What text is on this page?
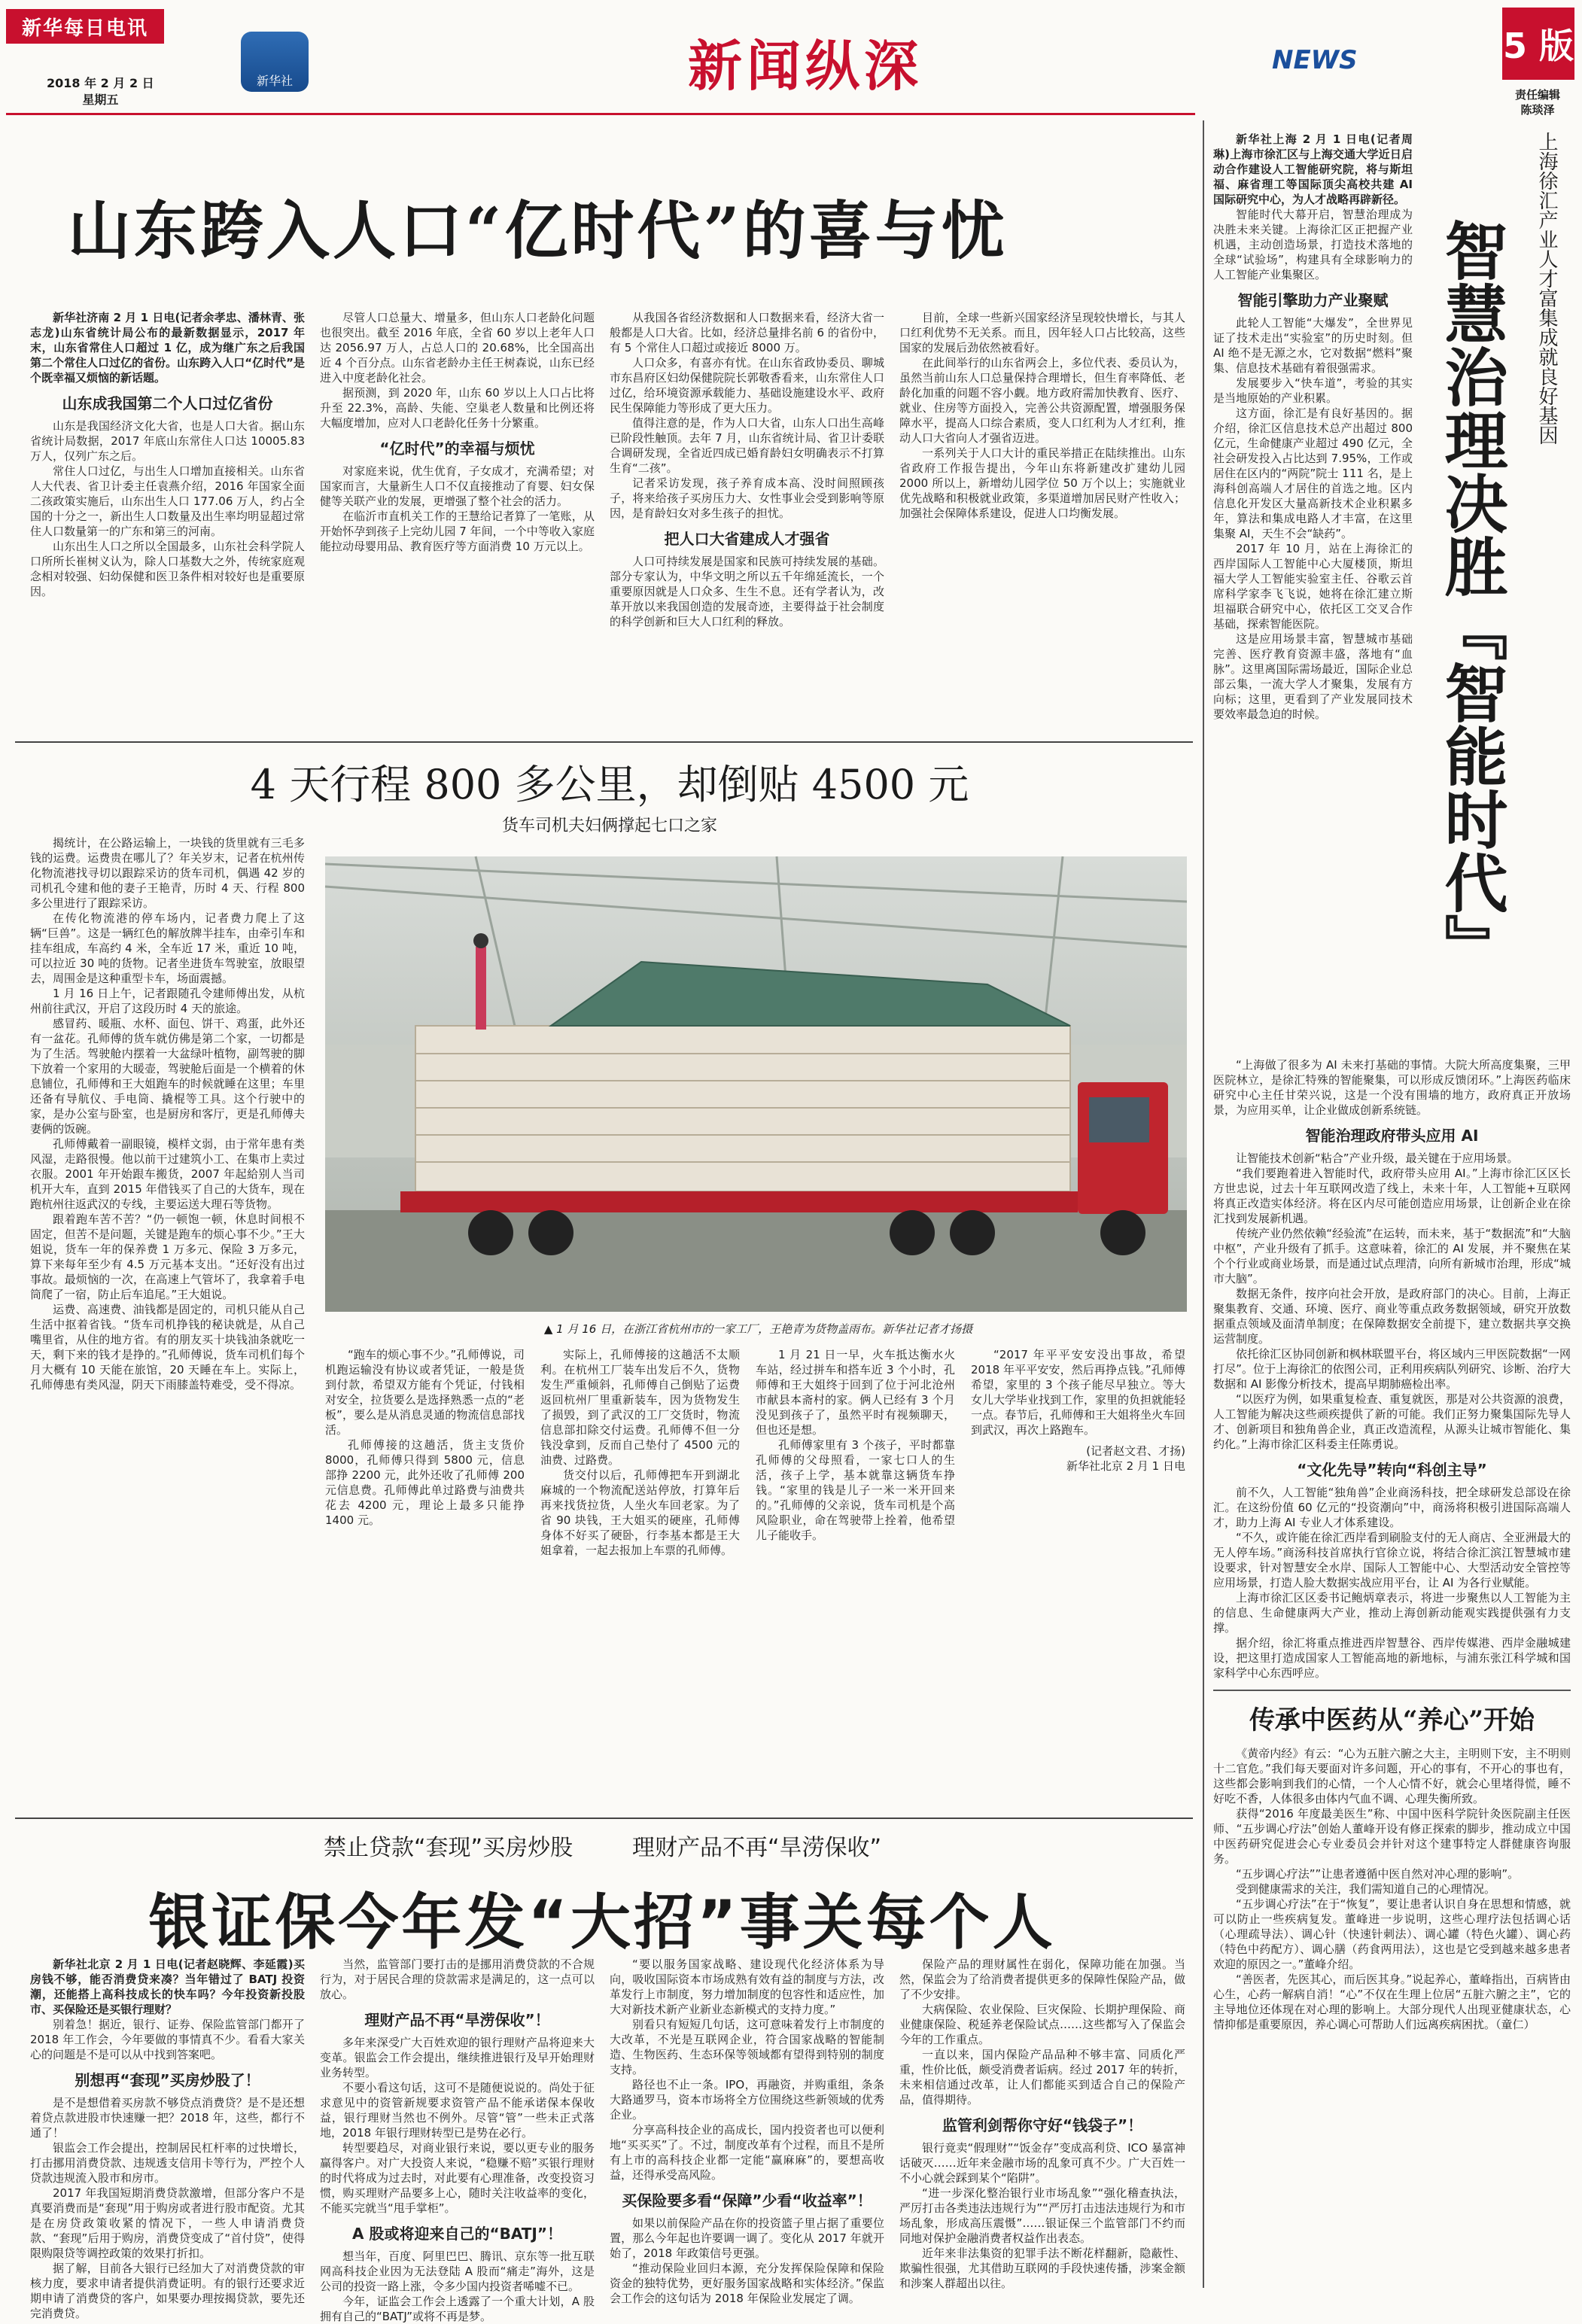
新华每日电讯
2018 年 2 月 2 日
星期五
新华社	新闻纵深	NEWS	5 版
责任编辑
陈琰泽
山东跨入人口“亿时代”的喜与忧

新华社济南 2 月 1 日电(记者余孝忠、潘林青、张志龙)山东省统计局公布的最新数据显示，2017 年末，山东省常住人口超过 1 亿，成为继广东之后我国第二个常住人口过亿的省份。山东跨入人口“亿时代”是个既幸福又烦恼的新话题。

山东成我国第二个人口过亿省份

山东是我国经济文化大省，也是人口大省。据山东省统计局数据，2017 年底山东常住人口达 10005.83 万人，仅列广东之后。

常住人口过亿，与出生人口增加直接相关。山东省人大代表、省卫计委主任袁燕介绍，2016 年国家全面二孩政策实施后，山东出生人口 177.06 万人，约占全国的十分之一，新出生人口数量及出生率均明显超过常住人口数量第一的广东和第三的河南。

山东出生人口之所以全国最多，山东社会科学院人口所所长崔树义认为，除人口基数大之外，传统家庭观念相对较强、妇幼保健和医卫条件相对较好也是重要原因。

尽管人口总量大、增量多，但山东人口老龄化问题也很突出。截至 2016 年底，全省 60 岁以上老年人口达 2056.97 万人，占总人口的 20.68%，比全国高出近 4 个百分点。山东省老龄办主任王树森说，山东已经进入中度老龄化社会。

据预测，到 2020 年，山东 60 岁以上人口占比将升至 22.3%，高龄、失能、空巢老人数量和比例还将大幅度增加，应对人口老龄化任务十分繁重。

“亿时代”的幸福与烦忧

对家庭来说，优生优育，子女成才，充满希望；对国家而言，大量新生人口不仅直接推动了育婴、妇女保健等关联产业的发展，更增强了整个社会的活力。

在临沂市直机关工作的王慧给记者算了一笔账，从开始怀孕到孩子上完幼儿园 7 年间，一个中等收入家庭能拉动母婴用品、教育医疗等方面消费 10 万元以上。

从我国各省经济数据和人口数据来看，经济大省一般都是人口大省。比如，经济总量排名前 6 的省份中，有 5 个常住人口超过或接近 8000 万。

人口众多，有喜亦有忧。在山东省政协委员、聊城市东昌府区妇幼保健院院长郭敬香看来，山东常住人口过亿，给环境资源承载能力、基础设施建设水平、政府民生保障能力等形成了更大压力。

值得注意的是，作为人口大省，山东人口出生高峰已阶段性触顶。去年 7 月，山东省统计局、省卫计委联合调研发现，全省近四成已婚育龄妇女明确表示不打算生育“二孩”。

记者采访发现，孩子养育成本高、没时间照顾孩子，将来给孩子买房压力大、女性事业会受到影响等原因，是育龄妇女对多生孩子的担忧。

把人口大省建成人才强省

人口可持续发展是国家和民族可持续发展的基础。部分专家认为，中华文明之所以五千年绵延流长，一个重要原因就是人口众多、生生不息。还有学者认为，改革开放以来我国创造的发展奇迹，主要得益于社会制度的科学创新和巨大人口红利的释放。

目前，全球一些新兴国家经济呈现较快增长，与其人口红利优势不无关系。而且，因年轻人口占比较高，这些国家的发展后劲依然被看好。

在此间举行的山东省两会上，多位代表、委员认为，虽然当前山东人口总量保持合理增长，但生育率降低、老龄化加重的问题不容小觑。地方政府需加快教育、医疗、就业、住房等方面投入，完善公共资源配置，增强服务保障水平，提高人口综合素质，变人口红利为人才红利，推动人口大省向人才强省迈进。

一系列关于人口大计的重民举措正在陆续推出。山东省政府工作报告提出，今年山东将新建改扩建幼儿园 2000 所以上，新增幼儿园学位 50 万个以上；实施就业优先战略和积极就业政策，多渠道增加居民财产性收入；加强社会保障体系建设，促进人口均衡发展。

4 天行程 800 多公里，却倒贴 4500 元
货车司机夫妇俩撑起七口之家

揭统计，在公路运输上，一块钱的货里就有三毛多钱的运费。运费贵在哪儿了？年关岁末，记者在杭州传化物流港找寻切以跟踪采访的货车司机，偶遇 42 岁的司机孔令建和他的妻子王艳青，历时 4 天、行程 800 多公里进行了跟踪采访。

在传化物流港的停车场内，记者费力爬上了这辆“巨兽”。这是一辆红色的解放牌半挂车，由牵引车和挂车组成，车高约 4 米，全车近 17 米，重近 10 吨，可以拉近 30 吨的货物。记者坐进货车驾驶室，放眼望去，周围金是这种重型卡车，场面震撼。

1 月 16 日上午，记者跟随孔令建师傅出发，从杭州前往武汉，开启了这段历时 4 天的旅途。

感冒药、暖瓶、水杯、面包、饼干、鸡蛋，此外还有一盆花。孔师傅的货车就仿佛是第二个家，一切都是为了生活。驾驶舱内摆着一大盆绿叶植物，副驾驶的脚下放着一个家用的大暖壶，驾驶舱后面是一个横着的休息铺位，孔师傅和王大姐跑车的时候就睡在这里；车里还备有导航仪、手电筒、撬棍等工具。这个行驶中的家，是办公室与卧室，也是厨房和客厅，更是孔师傅夫妻俩的饭碗。

孔师傅戴着一副眼镜，模样文弱，由于常年患有类风湿，走路很慢。他以前干过建筑小工、在集市上卖过衣服。2001 年开始跟车搬货，2007 年起給别人当司机开大车，直到 2015 年借钱买了自己的大货车，现在跑杭州往返武汉的专线，主要运送大理石等货物。

跟着跑车苦不苦？“仍一顿饱一顿，休息时间根不固定，但苦不是问题，关键是跑车的烦心事不少。”王大姐说，货车一年的保养费 1 万多元、保险 3 万多元，算下来每年至少有 4.5 万元基本支出。“还好没有出过事故。最烦恼的一次，在高速上气管坏了，我拿着手电筒爬了一宿，防止后车追尾。”王大姐说。

运费、高速费、油钱都是固定的，司机只能从自己生活中抠着省钱。“货车司机挣钱的秘诀就是，从自己嘴里省，从住的地方省。有的朋友买十块钱油条就吃一天，剩下来的钱才是挣的。”孔师傅说，货车司机们每个月大概有 10 天能在旅馆，20 天睡在车上。实际上，孔师傅患有类风湿，阴天下雨膝盖特难受，受不得凉。

▲ 1 月 16 日，在浙江省杭州市的一家工厂，王艳青为货物盖雨布。新华社记者才扬摄

“跑车的烦心事不少。”孔师傅说，司机跑运输没有协议或者凭证，一般是货到付款，希望双方能有个凭证，付钱相对安全，拉货要么是选择熟悉一点的“老板”，要么是从消息灵通的物流信息部找活。

孔师傅接的这趟活，货主支货价 8000，孔师傅只得到 5800 元，信息部挣 2200 元，此外还收了孔师傅 200 元信息费。孔师傅此单过路费与油费共花去 4200 元，理论上最多只能挣 1400 元。

实际上，孔师傅接的这趟活不太顺利。在杭州工厂装车出发后不久，货物发生严重倾斜，孔师傅自己倒贴了运费返回杭州厂里重新装车，因为货物发生了损毁，到了武汉的工厂交货时，物流信息部扣除交付运费。孔师傅不但一分钱没拿到，反而自己垫付了 4500 元的油费、过路费。

货交付以后，孔师傅把车开到湖北麻城的一个物流配送站停放，打算年后再来找货拉货，人坐火车回老家。为了省 90 块钱，王大姐买的硬座，孔师傅身体不好买了硬卧，行李基本都是王大姐拿着，一起去报加上车票的孔师傅。

1 月 21 日一早，火车抵达衡水火车站，经过拼车和搭车近 3 个小时，孔师傅和王大姐终于回到了位于河北沧州市献县本斋村的家。俩人已经有 3 个月没见到孩子了，虽然平时有视频聊天，但也还是想。

孔师傅家里有 3 个孩子，平时都靠孔师傅的父母照看，一家七口人的生活，孩子上学，基本就靠这辆货车挣钱。“家里的钱是儿子一米一米开回来的。”孔师傅的父亲说，货车司机是个高风险职业，命在驾驶带上拴着，他希望儿子能收手。

“2017 年平平安安没出事故，希望 2018 年平平安安，然后再挣点钱。”孔师傅希望，家里的 3 个孩子能尽早独立。等大女儿大学毕业找到工作，家里的负担就能轻一点。春节后，孔师傅和王大姐将坐火车回到武汉，再次上路跑车。

(记者赵文君、才扬)
新华社北京 2 月 1 日电
禁止贷款“套现”买房炒股	理财产品不再“旱涝保收”
银证保今年发“大招”事关每个人

新华社北京 2 月 1 日电(记者赵晓辉、李延霞)买房钱不够，能否消费贷来凑？当年错过了 BATJ 投资潮，还能搭上高科技成长的快车吗？今年投资新投股市、买保险还是买银行理财？

别着急！据近，银行、证券、保险监管部门都开了 2018 年工作会，今年要做的事情真不少。看看大家关心的问题是不是可以从中找到答案吧。

别想再“套现”买房炒股了！

是不是想借着买房款不够贷点消费贷？是不是还想着贷点款进股市快速赚一把？2018 年，这些，都行不通了！

银监会工作会提出，控制居民杠杆率的过快增长，打击挪用消费贷款、违规透支信用卡等行为，严控个人贷款违规流入股市和房市。

2017 年我国短期消费贷款激增，但部分客户不是真要消费而是“套现”用于购房或者进行股市配资。尤其是在房贷政策收紧的情况下，一些人申请消费贷款、“套现”后用于购房，消费贷变成了“首付贷”，使得限购限贷等调控政策的效果打折扣。

据了解，目前各大银行已经加大了对消费贷款的审核力度，要求申请者提供消费证明。有的银行还要求近期申请了消费贷的客户，如果要办理按揭贷款，要先还完消费贷。

当然，监管部门要打击的是挪用消费贷款的不合规行为，对于居民合理的贷款需求是满足的，这一点可以放心。

理财产品不再“旱涝保收”！

多年来深受广大百姓欢迎的银行理财产品将迎来大变革。银监会工作会提出，继续推进银行及早开始理财业务转型。

不要小看这句话，这可不是随便说说的。尚处于征求意见中的资管新规要求资管产品不能承诺保本保收益，银行理财当然也不例外。尽管“管”一些未正式落地，2018 年银行理财转型已是势在必行。

转型要趋尽，对商业银行来说，要以更专业的服务赢得客户。对广大投资人来说，“稳赚不赔”买银行理财的时代将成为过去时，对此要有心理准备，改变投资习惯，购买理财产品要多上心，随时关注收益率的变化，不能买完就当“甩手掌柜”。

A 股或将迎来自己的“BATJ”！

想当年，百度、阿里巴巴、腾讯、京东等一批互联网高科技企业因为无法登陆 A 股而“痛走”海外，这是公司的投资一路上涨，令多少国内投资者唏嘘不已。

今年，证监会工作会上透露了一个重大计划，A 股拥有自己的“BATJ”或将不再是梦。

“要以服务国家战略、建设现代化经济体系为导向，吸收国际资本市场成熟有效有益的制度与方法，改革发行上市制度，努力增加制度的包容性和适应性，加大对新技术新产业新业态新模式的支持力度。”

别看只有短短几句话，这可意味着发行上市制度的大改革，不光是互联网企业，符合国家战略的智能制造、生物医药、生态环保等领域都有望得到特别的制度支持。

路径也不止一条。IPO，再融资，并购重组，条条大路通罗马，资本市场将全方位围绕这些新领域的优秀企业。

分享高科技企业的高成长，国内投资者也可以便利地“买买买”了。不过，制度改革有个过程，而且不是所有上市的高科技企业都一定能“赢麻麻”的，要想高收益，还得承受高风险。

买保险要多看“保障”少看“收益率”！

如果以前保险产品在你的投资篮子里占据了重要位置，那么今年起也许要调一调了。变化从 2017 年就开始了，2018 年政策信号更强。

“推动保险业回归本源，充分发挥保险保障和保险资金的独特优势，更好服务国家战略和实体经济。”保监会工作会的这句话为 2018 年保险业发展定了调。

保险产品的理财属性在弱化，保障功能在加强。当然，保监会为了给消费者提供更多的保障性保险产品，做了不少安排。

大病保险、农业保险、巨灾保险、长期护理保险、商业健康保险、税延养老保险试点……这些都写入了保监会今年的工作重点。

一直以来，国内保险产品品种不够丰富、同质化严重，性价比低，颇受消费者诟病。经过 2017 年的转折，未来相信通过改革，让人们都能买到适合自己的保险产品，值得期待。

监管利剑帮你守好“钱袋子”！

银行竟卖“假理财”“饭金存”变成高利贷、ICO 暴富神话破灭……近年来金融市场的乱象可真不少。广大百姓一不小心就会踩到某个“陷阱”。

“进一步深化整治银行业市场乱象”“强化稽查执法，严厉打击各类违法违规行为”“严厉打击违法违规行为和市场乱象，形成高压震慑”……银证保三个监管部门不约而同地对保护金融消费者权益作出表态。

近年来非法集资的犯罪手法不断花样翻新，隐蔽性、欺骗性很强，尤其借助互联网的手段快速传播，涉案金额和涉案人群超出以往。

新华社上海 2 月 1 日电(记者周琳)上海市徐汇区与上海交通大学近日启动合作建设人工智能研究院，将与斯坦福、麻省理工等国际顶尖高校共建 AI 国际研究中心，为人才战略再辟新径。

智能时代大幕开启，智慧治理成为决胜未来关键。上海徐汇区正把握产业机遇，主动创造场景，打造技术落地的全球“试验场”，构建具有全球影响力的人工智能产业集聚区。

智能引擎助力产业聚赋

此轮人工智能“大爆发”，全世界见证了技术走出“实验室”的历史时刻。但 AI 绝不是无源之水，它对数据“燃料”聚集、信息技术基础有着很强需求。

发展要步入“快车道”，考验的其实是当地原始的产业积累。

这方面，徐汇是有良好基因的。据介绍，徐汇区信息技术总产出超过 800 亿元，生命健康产业超过 490 亿元，全社会研发投入占比达到 7.95%，工作或居住在区内的“两院”院士 111 名，是上海科创高端人才居住的首选之地。区内信息化开发区大量高新技术企业积累多年，算法和集成电路人才丰富，在这里集聚 AI，天生不会“缺药”。

2017 年 10 月，站在上海徐汇的西岸国际人工智能中心大厦楼顶，斯坦福大学人工智能实验室主任、谷歌云首席科学家李飞飞说，她将在徐汇建立斯坦福联合研究中心，依托区工交叉合作基础，探索智能医院。

这是应用场景丰富，智慧城市基础完善、医疗教育资源丰盛，落地有“血脉”。这里离国际需场最近，国际企业总部云集，一流大学人才聚集，发展有方向标；这里，更看到了产业发展同技术要效率最急迫的时候。

上海徐汇产业人才富集成就良好基因
智慧治理决胜『智能时代』

“上海做了很多为 AI 未来打基础的事情。大院大所高度集聚，三甲医院林立，是徐汇特殊的智能聚集，可以形成反馈闭环。”上海医药临床研究中心主任甘荣兴说，这是一个没有围墙的地方，政府真正开放场景，为应用买单，让企业做成创新系统链。

智能治理政府带头应用 AI

让智能技术创新“粘合”产业升级，最关键在于应用场景。

“我们要跑着进入智能时代，政府带头应用 AI。”上海市徐汇区区长方世忠说，过去十年互联网改造了线上，未来十年，人工智能+互联网将真正改造实体经济。将在区内尽可能创造应用场景，让创新企业在徐汇找到发展新机遇。

传统产业仍然依赖“经验流”在运转，而未来，基于“数据流”和“大脑中枢”，产业升级有了抓手。这意味着，徐汇的 AI 发展，并不聚焦在某个个行业或商业场景，而是通过试点理清，向所有新城市治理，形成“城市大脑”。

数据无条件，按序向社会开放，是政府部门的决心。目前，上海正聚集教育、交通、环境、医疗、商业等重点政务数据领域，研究开放数据重点领域及面清单制度；在保障数据安全前提下，建立数据共享交换运营制度。

依托徐汇区协同创新和枫林联盟平台，将区域内三甲医院数据“一网打尽”。位于上海徐汇的依图公司，正利用疾病队列研究、诊断、治疗大数据和 AI 影像分析技术，提高早期肺癌检出率。

“以医疗为例，如果重复检查、重复就医，那是对公共资源的浪费，人工智能为解决这些顽疾提供了新的可能。我们正努力聚集国际先导人才、创新项目和独角兽企业，真正改造流程，从源头让城市智能化、集约化。”上海市徐汇区科委主任陈勇说。

“文化先导”转向“科创主导”

前不久，人工智能“独角兽”企业商汤科技，把全球研发总部设在徐汇。在这纷份值 60 亿元的“投资潮向”中，商汤将积极引进国际高端人才，助力上海 AI 专业人才体系建设。

“不久，或许能在徐汇西岸看到刷脸支付的无人商店、全亚洲最大的无人停车场。”商汤科技首席执行官徐立说，将结合徐汇滨江智慧城市建设要求，针对智慧安全水岸、国际人工智能中心、大型活动安全管控等应用场景，打造人脸大数据实战应用平台，让 AI 为各行业赋能。

上海市徐汇区区委书记鲍炳章表示，将进一步聚焦以人工智能为主的信息、生命健康两大产业，推动上海创新动能观实践提供强有力支撑。

据介绍，徐汇将重点推进西岸智慧谷、西岸传媒港、西岸金融城建设，把这里打造成国家人工智能高地的新地标，与浦东张江科学城和国家科学中心东西呼应。

传承中医药从“养心”开始

《黄帝内经》有云：“心为五脏六腑之大主，主明则下安，主不明则十二官危。”我们每天要面对许多问题，开心的事有，不开心的事也有，这些都会影响到我们的心情，一个人心情不好，就会心里堵得慌，睡不好吃不香，人体很多由体内气血不调、心理失衡所致。

获得“2016 年度最美医生”称、中国中医科学院针灸医院副主任医师、“五步调心疗法”创始人董峰开设有修正探索的脚步，推动成立中国中医药研究促进会心专业委员会并针对这个建事特定人群健康咨询服务。

“五步调心疗法””让患者遵循中医自然对冲心理的影响”。

受到健康需求的关注，我们需知道自己的心理情况。

“五步调心疗法”在于“恢复”，要让患者认识自身在思想和情感，就可以防止一些疾病复发。董峰进一步说明，这些心理疗法包括调心话（心理疏导法）、调心针（快速针刺法）、调心罐（特色火罐）、调心药（特色中药配方）、调心膳（药食两用法），这也是它受到越来越多患者欢迎的原因之一。”董峰介绍。

“善医者，先医其心，而后医其身。”说起养心，董峰指出，百病皆由心生，心药一解病自消！“心”不仅在生理上位居“五脏六腑之主”，它的主导地位还体现在对心理的影响上。大部分现代人出现亚健康状态，心情抑郁是重要原因，养心调心可帮助人们远离疾病困扰。（童仁）
